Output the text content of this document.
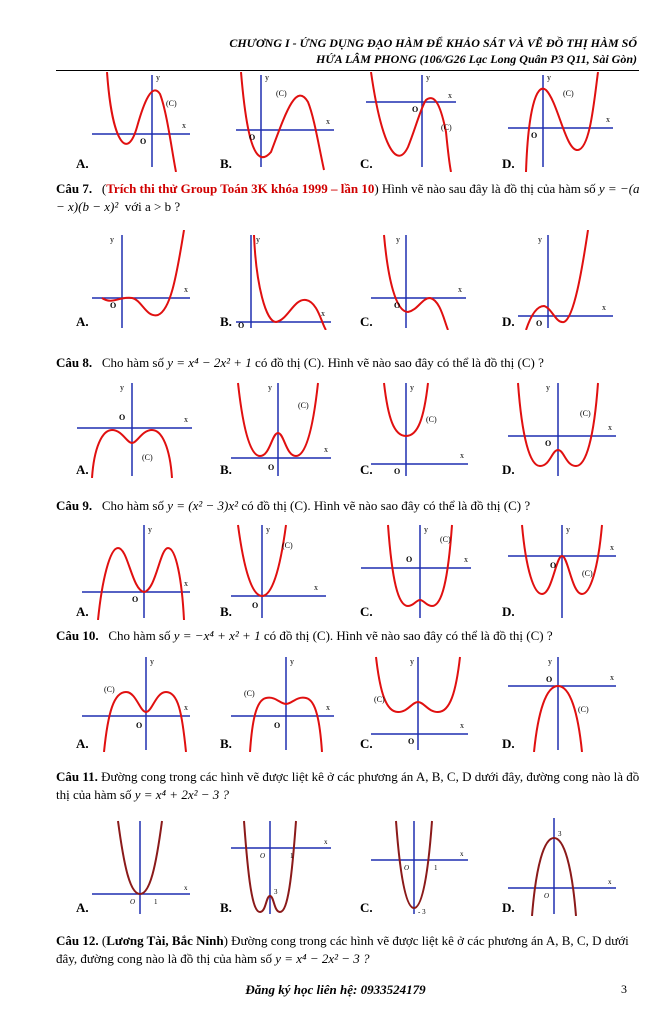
CHƯƠNG I - ỨNG DỤNG ĐẠO HÀM ĐỂ KHẢO SÁT VÀ VẼ ĐỒ THỊ HÀM SỐ
HỨA LÂM PHONG (106/G26 Lạc Long Quân P3 Q11, Sài Gòn)
(C)
O
y
x
A.
(C)
O
y
x
B.
(C)
O
y
x
C.
(C)
O
y
x
D.
Câu 7. (Trích thi thử Group Toán 3K khóa 1999 – lần 10) Hình vẽ nào sau đây là đồ thị của hàm số y = −(a − x)(b − x)² với a > b ?
O
y
x
A.	O
y
x
B.
O
y
x
C.	O
y
x
D.
Câu 8. Cho hàm số y = x⁴ − 2x² + 1 có đồ thị (C). Hình vẽ nào sao đây có thể là đồ thị (C) ?
(C)
O
y
x
A.
(C)
O
y
x
B.
(C)
O
y
x
C.
(C)
O
y
x
D.
Câu 9. Cho hàm số y = (x² − 3)x² có đồ thị (C). Hình vẽ nào sao đây có thể là đồ thị (C) ?
O
y
x
A.
(C)
O
y
x
B.
(C)
O
y
x
C.
(C)
O
y
x
D.
Câu 10. Cho hàm số y = −x⁴ + x² + 1 có đồ thị (C). Hình vẽ nào sao đây có thể là đồ thị (C) ?
(C)
O
y
x
A.
(C)
O
y
x
B.
(C)
O
y
x
C.
(C)
O
y
x
D.
Câu 11. Đường cong trong các hình vẽ được liệt kê ở các phương án A, B, C, D dưới đây, đường cong nào là đồ thị của hàm số y = x⁴ + 2x² − 3 ?
O	1
x
A.
O	1
3
x
B.
O	1
- 3
x
C.
O
3
x
D.
Câu 12. (Lương Tài, Bắc Ninh) Đường cong trong các hình vẽ được liệt kê ở các phương án A, B, C, D dưới đây, đường cong nào là đồ thị của hàm số y = x⁴ − 2x² − 3 ?
Đăng ký học liên hệ: 0933524179	3
